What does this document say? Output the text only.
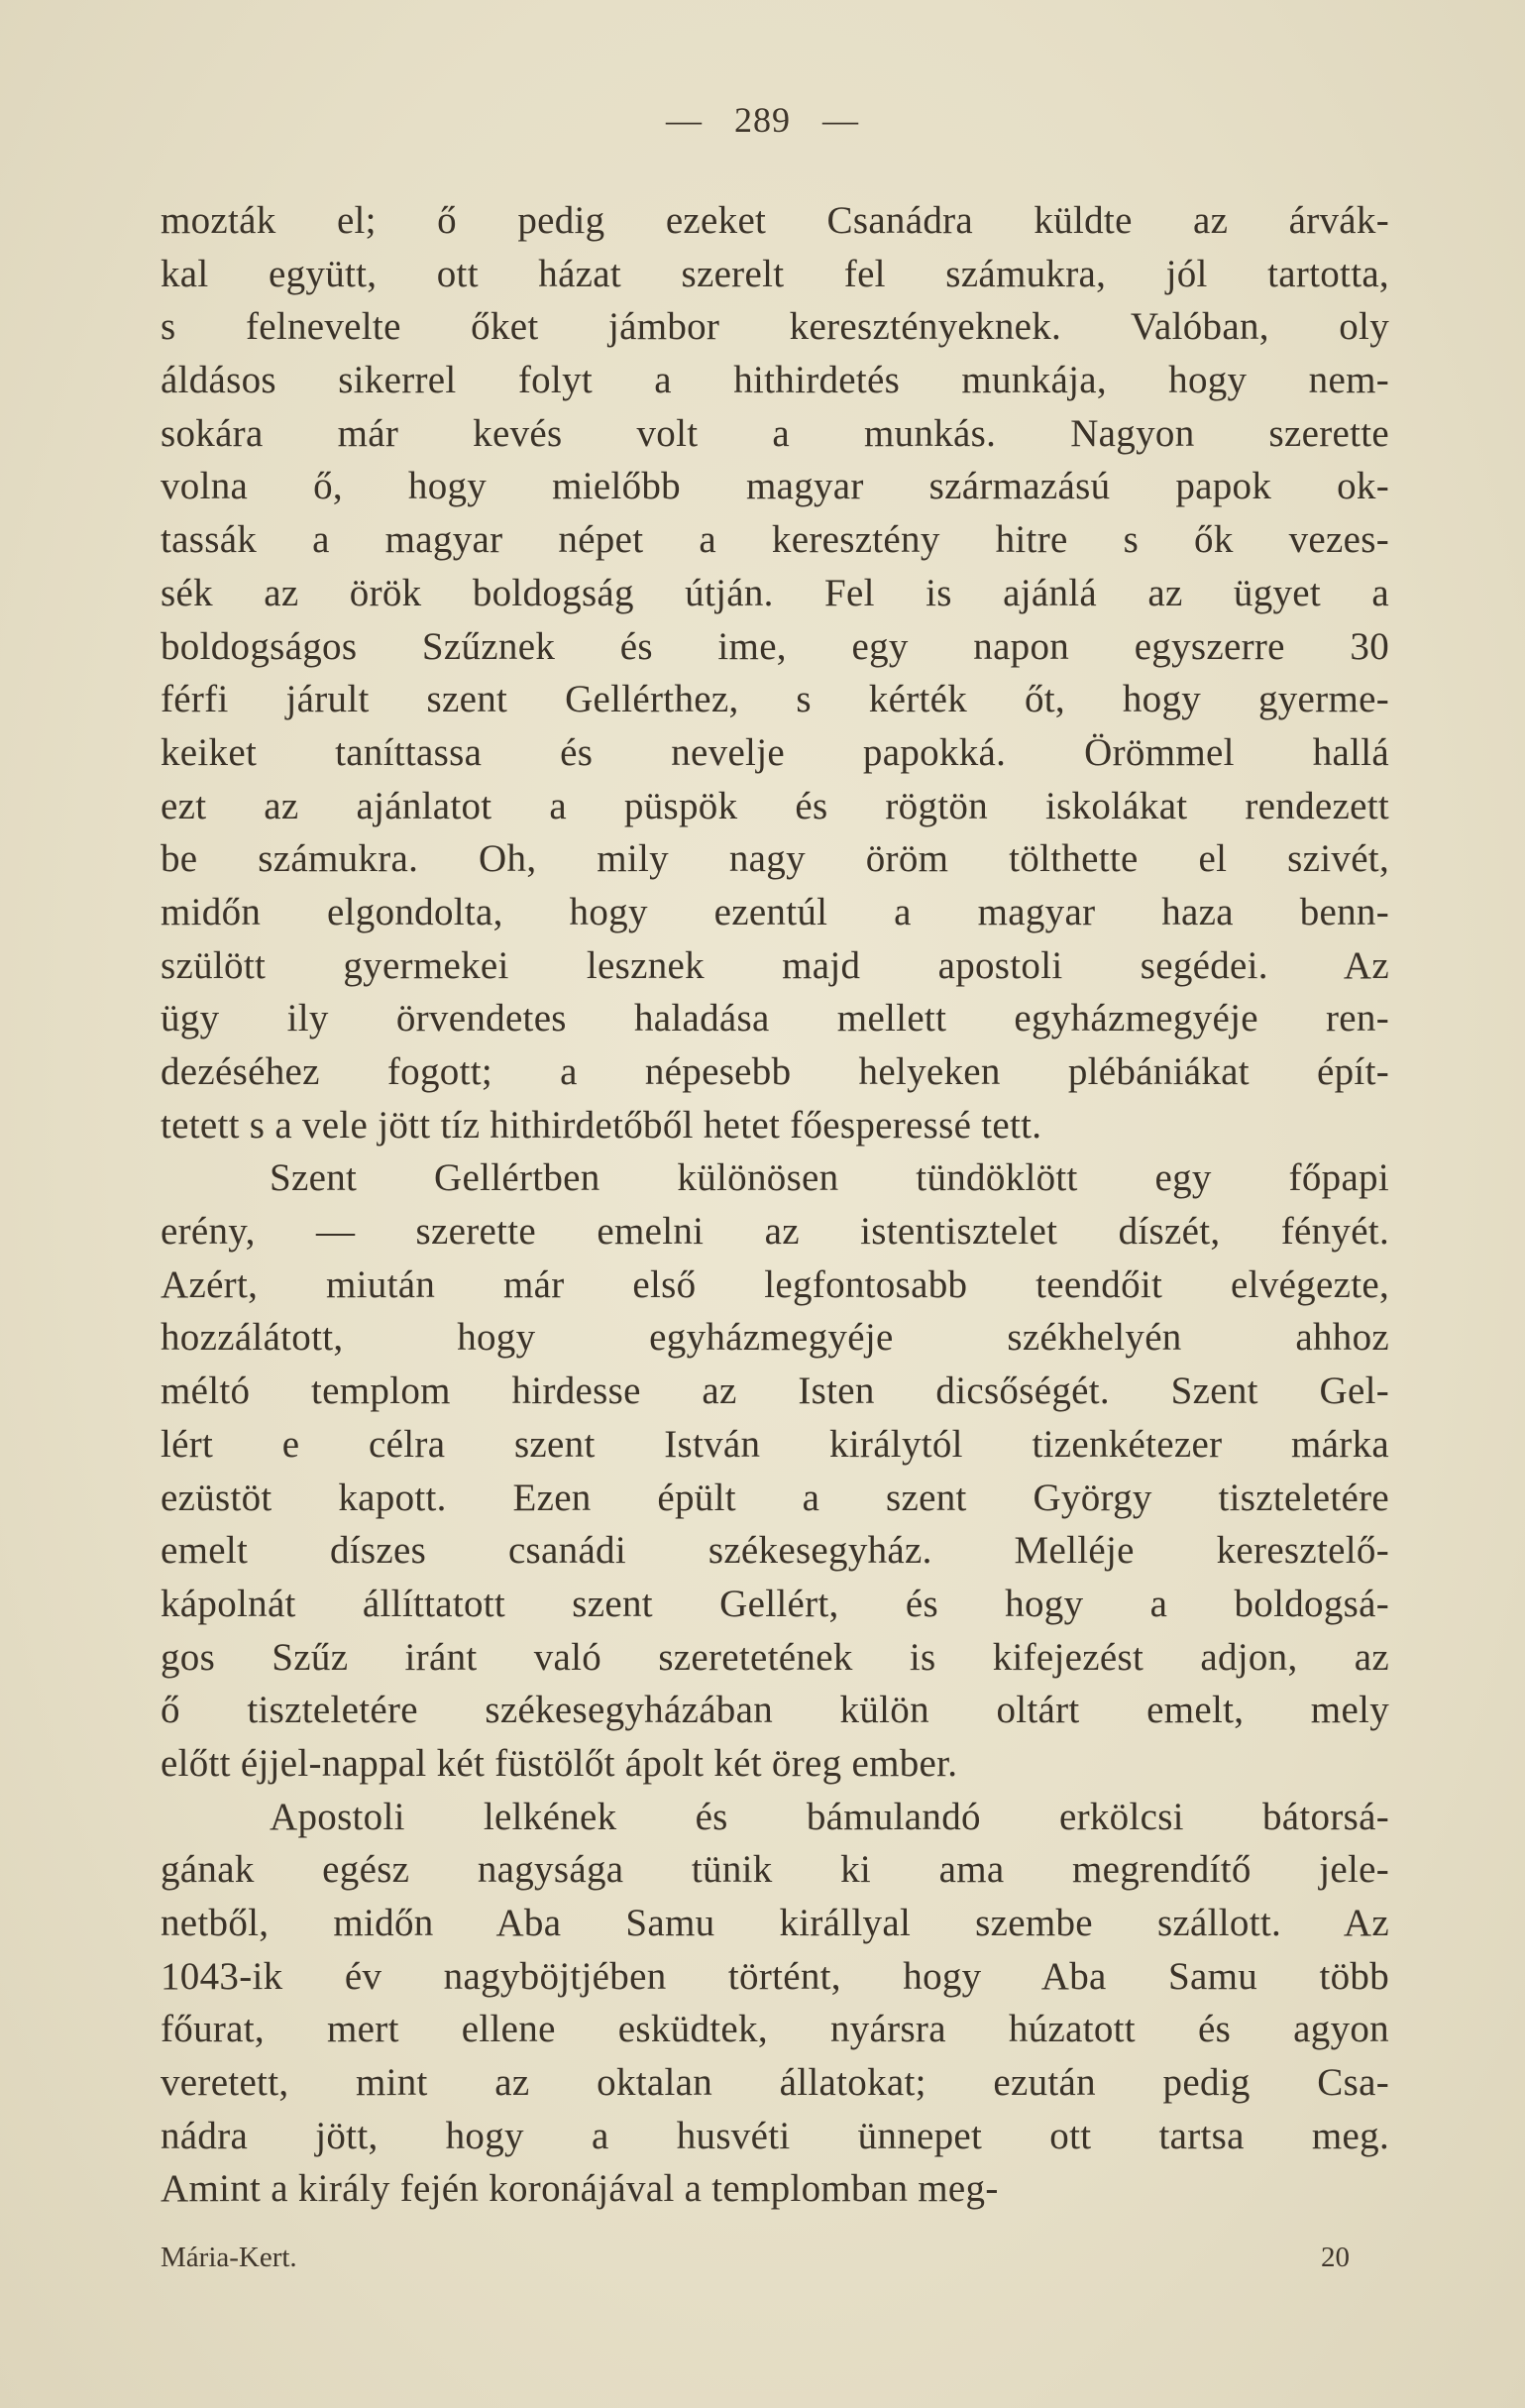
— 289 —
mozták el; ő pedig ezeket Csanádra küldte az árvák-
kal együtt, ott házat szerelt fel számukra, jól tartotta,
s felnevelte őket jámbor keresztényeknek. Valóban, oly
áldásos sikerrel folyt a hithirdetés munkája, hogy nem-
sokára már kevés volt a munkás. Nagyon szerette
volna ő, hogy mielőbb magyar származású papok ok-
tassák a magyar népet a keresztény hitre s ők vezes-
sék az örök boldogság útján. Fel is ajánlá az ügyet a
boldogságos Szűznek és ime, egy napon egyszerre 30
férfi járult szent Gellérthez, s kérték őt, hogy gyerme-
keiket taníttassa és nevelje papokká. Örömmel hallá
ezt az ajánlatot a püspök és rögtön iskolákat rendezett
be számukra. Oh, mily nagy öröm tölthette el szivét,
midőn elgondolta, hogy ezentúl a magyar haza benn-
szülött gyermekei lesznek majd apostoli segédei. Az
ügy ily örvendetes haladása mellett egyházmegyéje ren-
dezéséhez fogott; a népesebb helyeken plébániákat épít-
tetett s a vele jött tíz hithirdetőből hetet főesperessé tett.
Szent Gellértben különösen tündöklött egy főpapi
erény, — szerette emelni az istentisztelet díszét, fényét.
Azért, miután már első legfontosabb teendőit elvégezte,
hozzálátott, hogy egyházmegyéje székhelyén ahhoz
méltó templom hirdesse az Isten dicsőségét. Szent Gel-
lért e célra szent István királytól tizenkétezer márka
ezüstöt kapott. Ezen épült a szent György tiszteletére
emelt díszes csanádi székesegyház. Melléje keresztelő-
kápolnát állíttatott szent Gellért, és hogy a boldogsá-
gos Szűz iránt való szeretetének is kifejezést adjon, az
ő tiszteletére székesegyházában külön oltárt emelt, mely
előtt éjjel-nappal két füstölőt ápolt két öreg ember.
Apostoli lelkének és bámulandó erkölcsi bátorsá-
gának egész nagysága tünik ki ama megrendítő jele-
netből, midőn Aba Samu királlyal szembe szállott. Az
1043-ik év nagyböjtjében történt, hogy Aba Samu több
főurat, mert ellene esküdtek, nyársra húzatott és agyon
veretett, mint az oktalan állatokat; ezután pedig Csa-
nádra jött, hogy a husvéti ünnepet ott tartsa meg.
Amint a király fején koronájával a templomban meg-
Mária-Kert.	20
